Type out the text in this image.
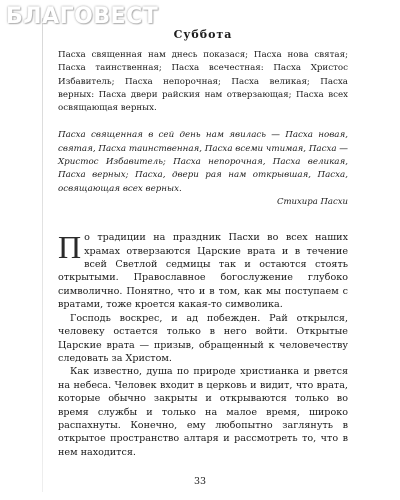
БЛАГОВЕСТ
Суббота

Пасха священная нам днесь показася; Пасха нова святая; Пасха таинственная; Пасха всечестная: Пасха Христос Избавитель; Пасха непорочная; Пасха великая; Пасха верных: Пасха двери райския нам отверзающая; Пасха всех освящающая верных.

Пасха священная в сей день нам явилась — Пасха новая, святая, Пасха таинственная, Пасха всеми чтимая, Пасха — Христос Избавитель; Пасха непорочная, Пасха великая, Пасха верных; Пасха, двери рая нам открывшая, Пасха, освящающая всех верных.

Стихира Пасхи

По традиции на праздник Пасхи во всех наших храмах отверзаются Царские врата и в течение всей Светлой седмицы так и остаются стоять открытыми. Православное богослужение глубоко символично. Понятно, что и в том, как мы поступаем с вратами, тоже кроется какая-то символика.

Господь воскрес, и ад побежден. Рай открылся, человеку остается только в него войти. Открытые Царские врата — призыв, обращенный к человечеству следовать за Христом.

Как известно, душа по природе христианка и рвется на небеса. Человек входит в церковь и видит, что врата, которые обычно закрыты и открываются только во время службы и только на малое время, широко распахнуты. Конечно, ему любопытно заглянуть в открытое пространство алтаря и рассмотреть то, что в нем находится.

33
